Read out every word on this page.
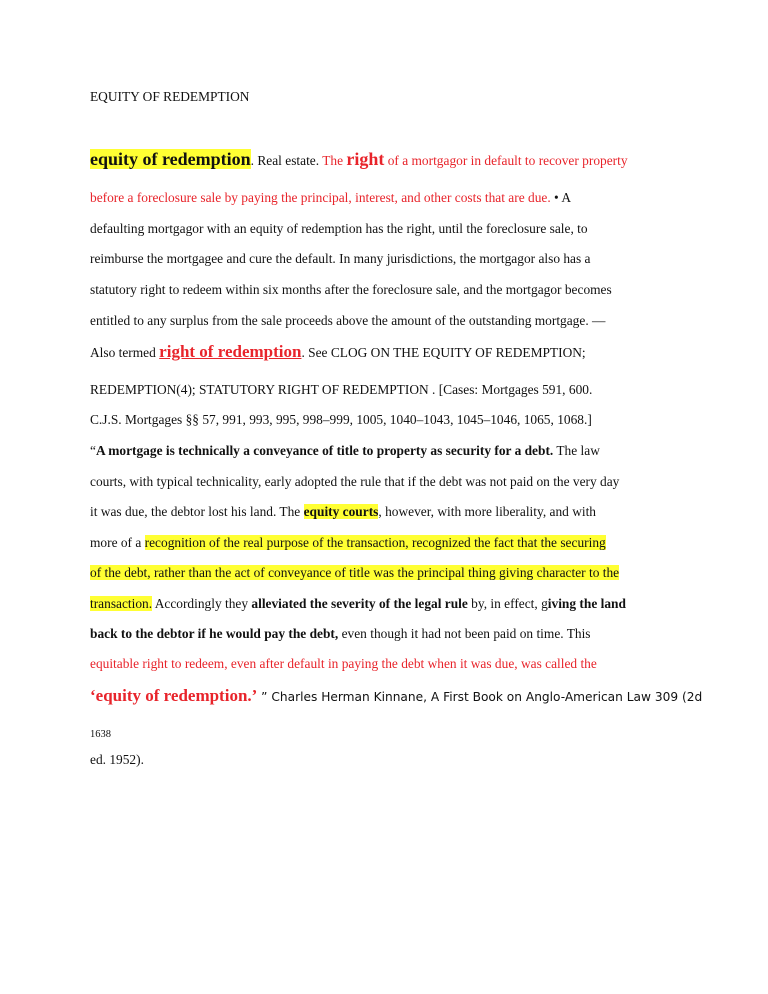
EQUITY OF REDEMPTION
equity of redemption. Real estate. The right of a mortgagor in default to recover property
before a foreclosure sale by paying the principal, interest, and other costs that are due. • A
defaulting mortgagor with an equity of redemption has the right, until the foreclosure sale, to
reimburse the mortgagee and cure the default. In many jurisdictions, the mortgagor also has a
statutory right to redeem within six months after the foreclosure sale, and the mortgagor becomes
entitled to any surplus from the sale proceeds above the amount of the outstanding mortgage. —
Also termed right of redemption. See CLOG ON THE EQUITY OF REDEMPTION;
REDEMPTION(4); STATUTORY RIGHT OF REDEMPTION . [Cases: Mortgages 591, 600.
C.J.S. Mortgages §§ 57, 991, 993, 995, 998–999, 1005, 1040–1043, 1045–1046, 1065, 1068.]
“A mortgage is technically a conveyance of title to property as security for a debt. The law
courts, with typical technicality, early adopted the rule that if the debt was not paid on the very day
it was due, the debtor lost his land. The equity courts, however, with more liberality, and with
more of a recognition of the real purpose of the transaction, recognized the fact that the securing
of the debt, rather than the act of conveyance of title was the principal thing giving character to the
transaction. Accordingly they alleviated the severity of the legal rule by, in effect, giving the land
back to the debtor if he would pay the debt, even though it had not been paid on time. This
equitable right to redeem, even after default in paying the debt when it was due, was called the
‘equity of redemption.’ ” Charles Herman Kinnane, A First Book on Anglo-American Law 309 (2d
1638
ed. 1952).
